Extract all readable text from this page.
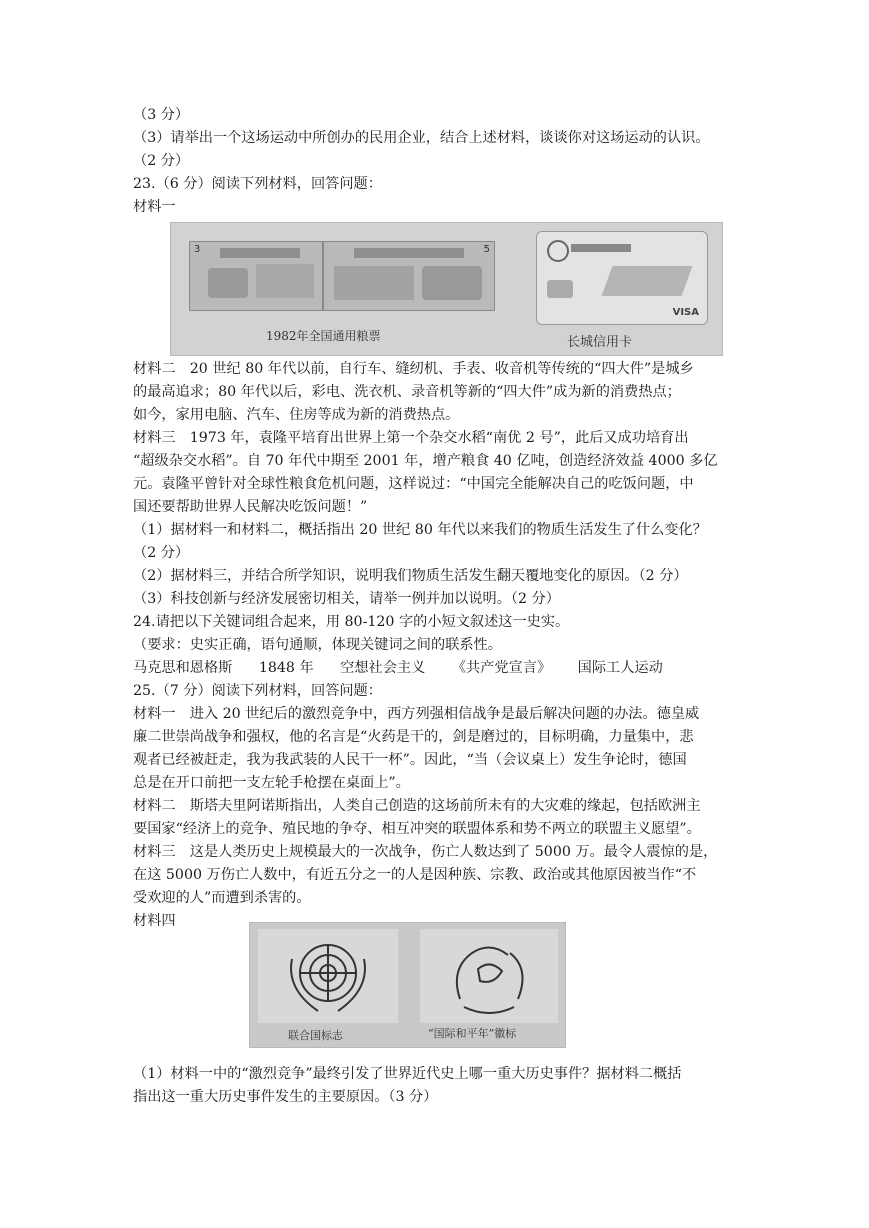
（3 分）
（3）请举出一个这场运动中所创办的民用企业，结合上述材料，谈谈你对这场运动的认识。
（2 分）
23.（6 分）阅读下列材料，回答问题：
材料一
3	5
VISA
1982年全国通用粮票	长城信用卡
材料二　20 世纪 80 年代以前，自行车、缝纫机、手表、收音机等传统的“四大件”是城乡
的最高追求；80 年代以后，彩电、洗衣机、录音机等新的“四大件”成为新的消费热点；
如今，家用电脑、汽车、住房等成为新的消费热点。
材料三　1973 年，袁隆平培育出世界上第一个杂交水稻“南优 2 号”，此后又成功培育出
“超级杂交水稻”。自 70 年代中期至 2001 年，增产粮食 40 亿吨，创造经济效益 4000 多亿
元。袁隆平曾针对全球性粮食危机问题，这样说过：“中国完全能解决自己的吃饭问题，中
国还要帮助世界人民解决吃饭问题！”
（1）据材料一和材料二，概括指出 20 世纪 80 年代以来我们的物质生活发生了什么变化？
（2 分）
（2）据材料三，并结合所学知识，说明我们物质生活发生翻天覆地变化的原因。（2 分）
（3）科技创新与经济发展密切相关，请举一例并加以说明。（2 分）
24.请把以下关键词组合起来，用 80-120 字的小短文叙述这一史实。
（要求：史实正确，语句通顺，体现关键词之间的联系性。
马克思和恩格斯 1848 年 空想社会主义 《共产党宣言》 国际工人运动
25.（7 分）阅读下列材料，回答问题：
材料一　进入 20 世纪后的激烈竞争中，西方列强相信战争是最后解决问题的办法。德皇威
廉二世崇尚战争和强权，他的名言是“火药是干的，剑是磨过的，目标明确，力量集中，悲
观者已经被赶走，我为我武装的人民干一杯”。因此，“当（会议桌上）发生争论时，德国
总是在开口前把一支左轮手枪摆在桌面上”。
材料二　斯塔夫里阿诺斯指出，人类自己创造的这场前所未有的大灾难的缘起，包括欧洲主
要国家“经济上的竞争、殖民地的争夺、相互冲突的联盟体系和势不两立的联盟主义愿望”。
材料三　这是人类历史上规模最大的一次战争，伤亡人数达到了 5000 万。最令人震惊的是，
在这 5000 万伤亡人数中，有近五分之一的人是因种族、宗教、政治或其他原因被当作“不
受欢迎的人”而遭到杀害的。
材料四
联合国标志	“国际和平年”徽标
（1）材料一中的“激烈竞争”最终引发了世界近代史上哪一重大历史事件？据材料二概括
指出这一重大历史事件发生的主要原因。（3 分）
